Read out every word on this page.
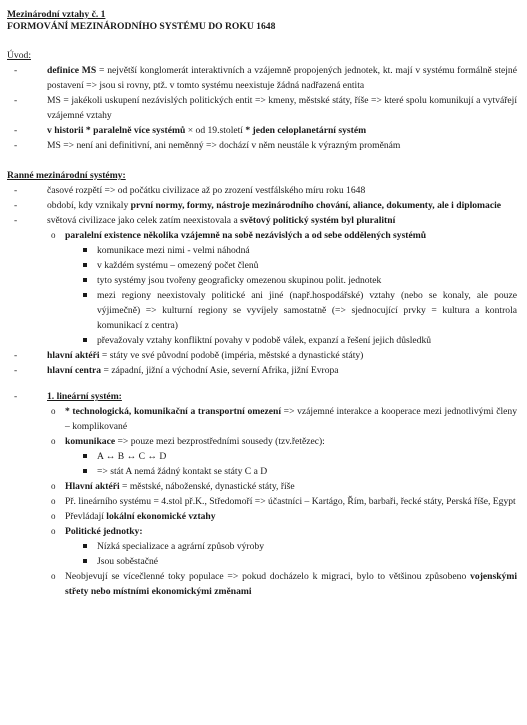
Mezinárodní vztahy č. 1
FORMOVÁNÍ MEZINÁRODNÍHO SYSTÉMU DO ROKU 1648
Úvod:
-	definice MS = největší konglomerát interaktivních a vzájemně propojených jednotek, kt. mají v systému formálně stejné postavení => jsou si rovny, ptž. v tomto systému neexistuje žádná nadřazená entita
-	MS = jakékoli uskupení nezávislých politických entit => kmeny, městské státy, říše => které spolu komunikují a vytvářejí vzájemné vztahy
-	v historii * paralelně více systémů × od 19.století * jeden celoplanetární systém
-	MS => není ani definitivní, ani neměnný => dochází v něm neustále k výrazným proměnám
Ranné mezinárodní systémy:
-	časové rozpětí => od počátku civilizace až po zrození vestfálského míru roku 1648
-	období, kdy vznikaly první normy, formy, nástroje mezinárodního chování, aliance, dokumenty, ale i diplomacie
-	světová civilizace jako celek zatím neexistovala a světový politický systém byl pluralitní
o paralelní existence několika vzájemně na sobě nezávislých a od sebe oddělených systémů
komunikace mezi nimi - velmi náhodná
v každém systému – omezený počet členů
tyto systémy jsou tvořeny geograficky omezenou skupinou polit. jednotek
mezi regiony neexistovaly politické ani jiné (např.hospodářské) vztahy (nebo se konaly, ale pouze výjimečně) => kulturní regiony se vyvíjely samostatně (=> sjednocující prvky = kultura a kontrola komunikací z centra)
převažovaly vztahy konfliktní povahy v podobě válek, expanzí a řešení jejich důsledků
-	hlavní aktéři = státy ve své původní podobě (impéria, městské a dynastické státy)
-	hlavní centra = západní, jižní a východní Asie, severní Afrika, jižní Evropa
-	1. lineární systém:
o * technologická, komunikační a transportní omezení => vzájemné interakce a kooperace mezi jednotlivými členy – komplikované
o komunikace => pouze mezi bezprostředními sousedy (tzv.řetězec):
A ↔ B ↔ C ↔ D
=> stát A nemá žádný kontakt se státy C a D
o Hlavní aktéři = městské, náboženské, dynastické státy, říše
o Př. lineárního systému = 4.stol př.K., Středomoří => účastníci – Kartágo, Řím, barbaři, řecké státy, Perská říše, Egypt
o Převládají lokální ekonomické vztahy
o Politické jednotky:
Nízká specializace a agrární způsob výroby
Jsou soběstačné
o Neobjevují se vícečlenné toky populace => pokud docházelo k migraci, bylo to většinou způsobeno vojenskými střety nebo místními ekonomickými změnami
